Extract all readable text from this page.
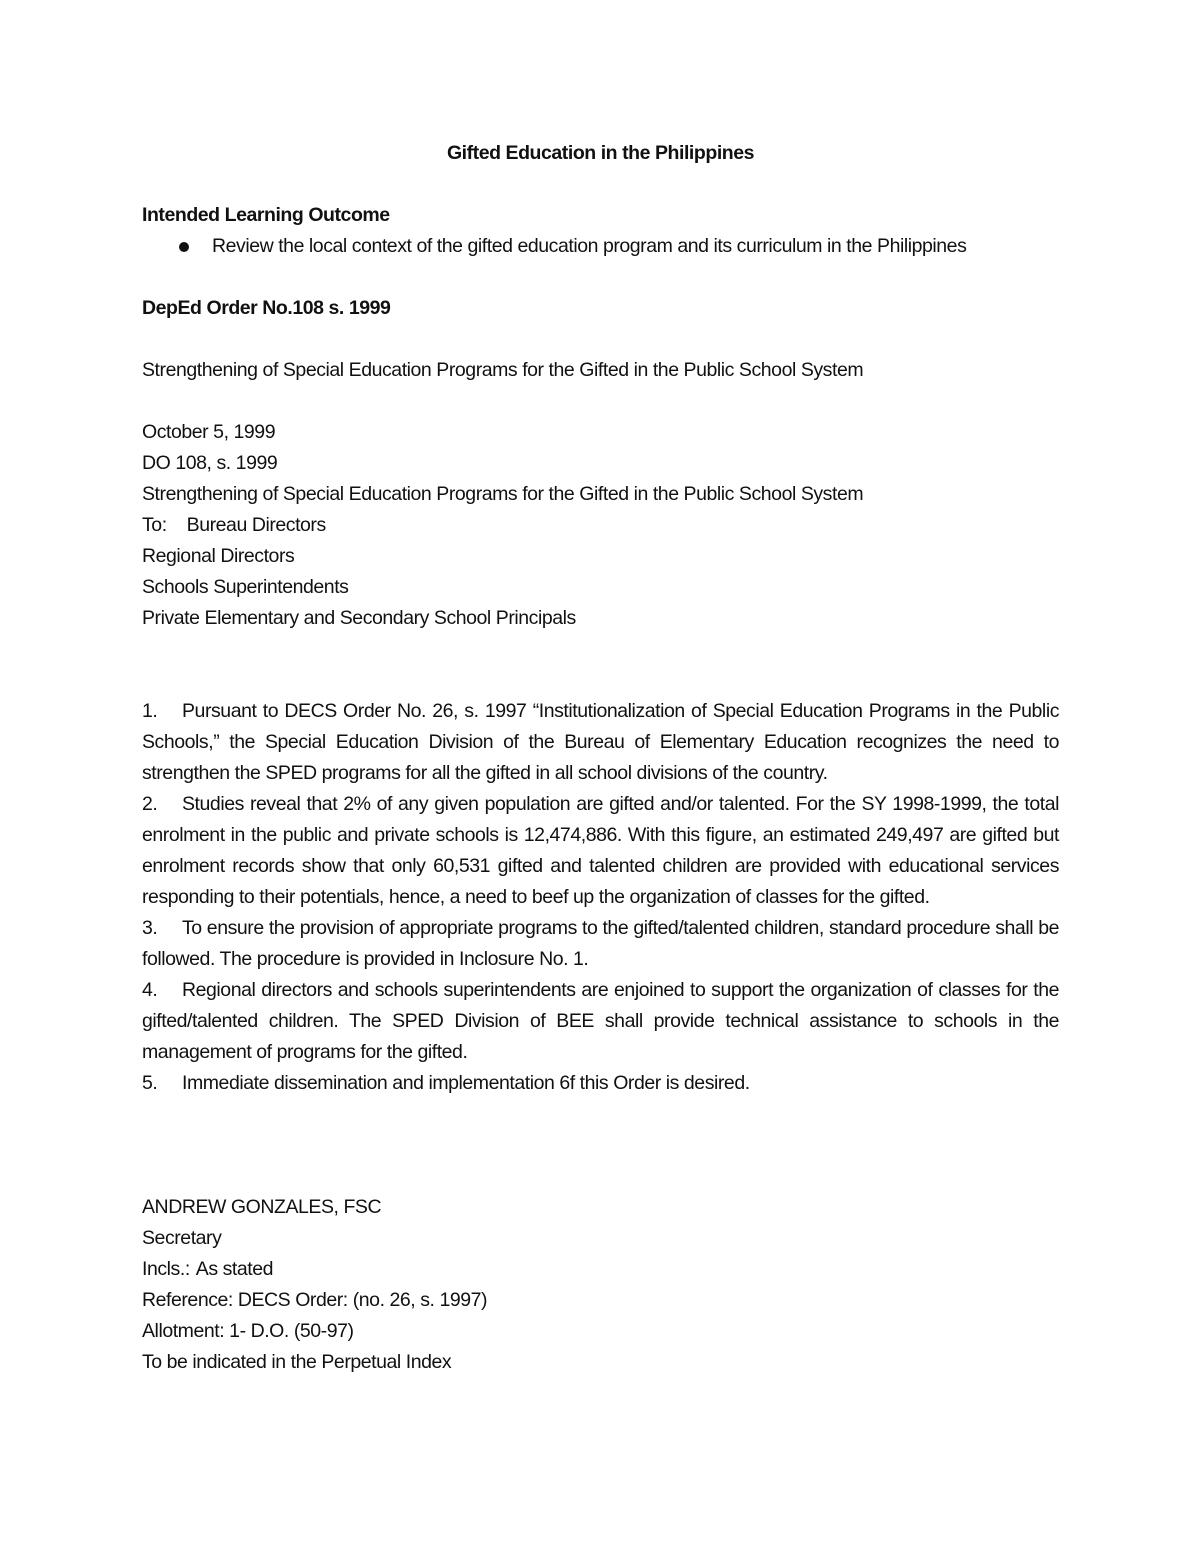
Gifted Education in the Philippines

Intended Learning Outcome

Review the local context of the gifted education program and its curriculum in the Philippines

DepEd Order No.108 s. 1999

Strengthening of Special Education Programs for the Gifted in the Public School System

October 5, 1999

DO 108, s. 1999

Strengthening of Special Education Programs for the Gifted in the Public School System

To: Bureau Directors

Regional Directors

Schools Superintendents

Private Elementary and Secondary School Principals

1. Pursuant to DECS Order No. 26, s. 1997 “Institutionalization of Special Education Programs in the Public Schools,” the Special Education Division of the Bureau of Elementary Education recognizes the need to strengthen the SPED programs for all the gifted in all school divisions of the country.

2. Studies reveal that 2% of any given population are gifted and/or talented. For the SY 1998-1999, the total enrolment in the public and private schools is 12,474,886. With this figure, an estimated 249,497 are gifted but enrolment records show that only 60,531 gifted and talented children are provided with educational services responding to their potentials, hence, a need to beef up the organization of classes for the gifted.

3. To ensure the provision of appropriate programs to the gifted/talented children, standard procedure shall be followed. The procedure is provided in Inclosure No. 1.

4. Regional directors and schools superintendents are enjoined to support the organization of classes for the gifted/talented children. The SPED Division of BEE shall provide technical assistance to schools in the management of programs for the gifted.

5. Immediate dissemination and implementation 6f this Order is desired.

ANDREW GONZALES, FSC

Secretary

Incls.: As stated

Reference: DECS Order: (no. 26, s. 1997)

Allotment: 1- D.O. (50-97)

To be indicated in the Perpetual Index
